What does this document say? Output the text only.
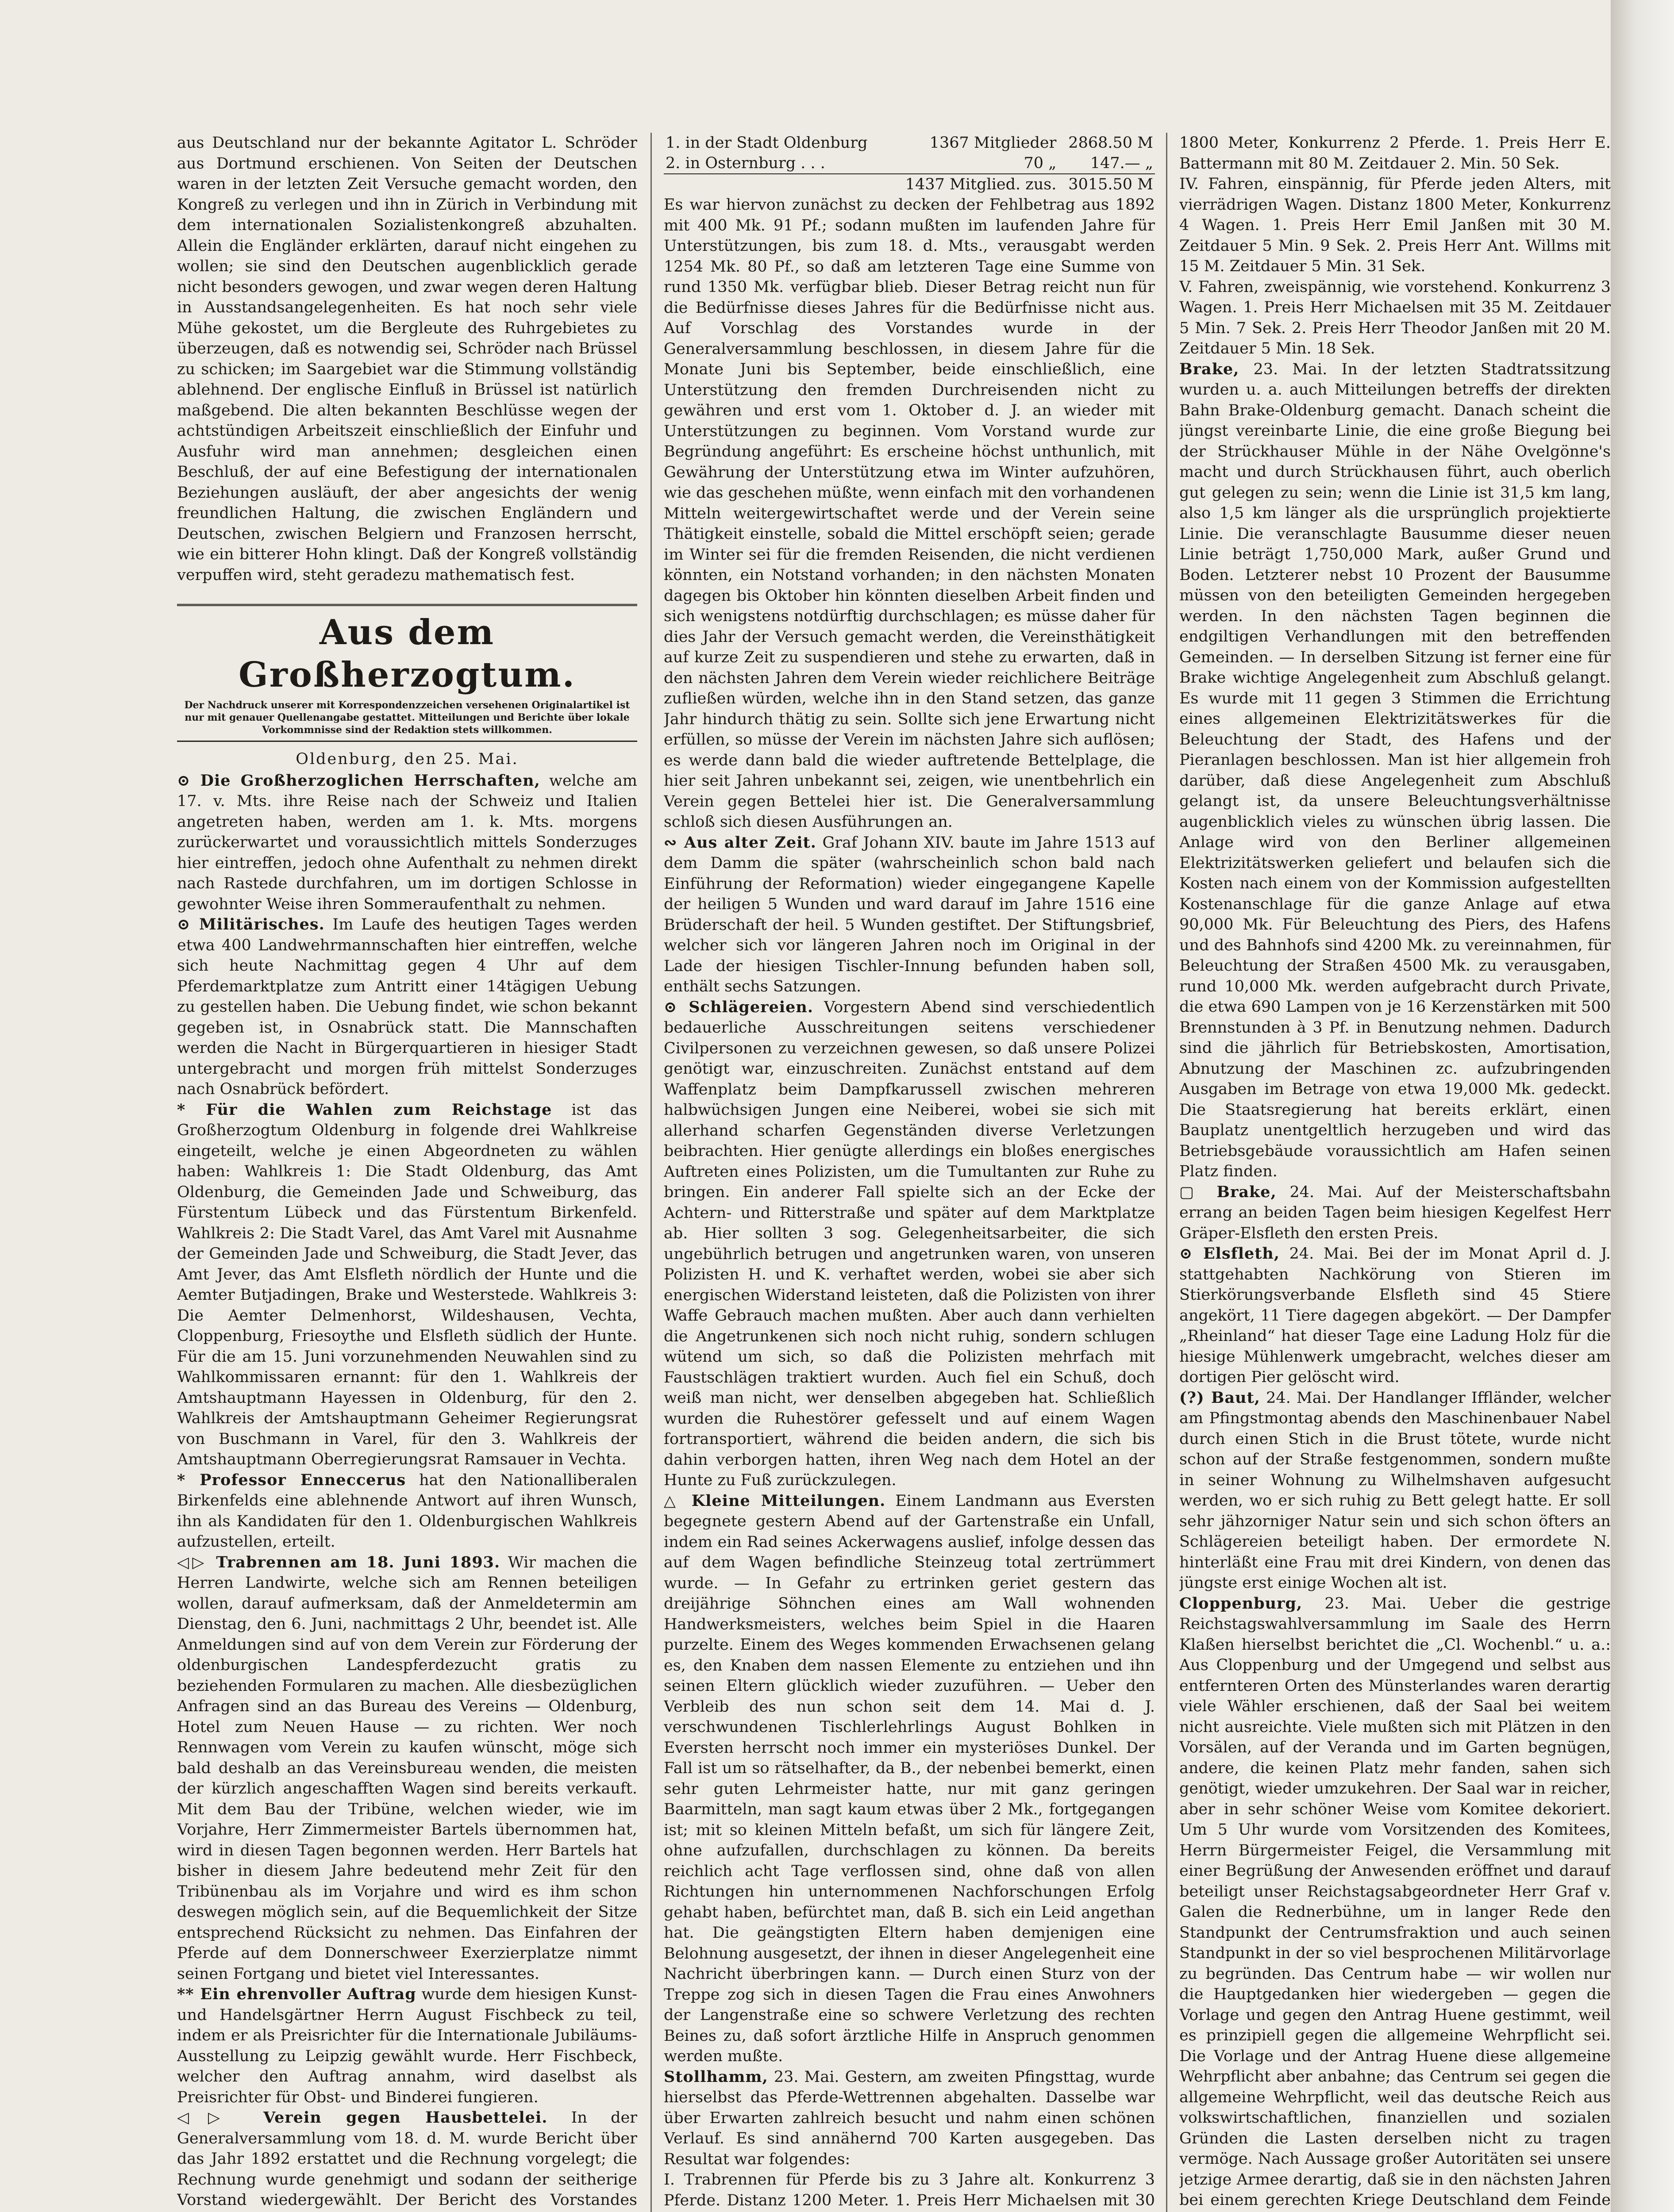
aus Deutschland nur der bekannte Agitator L. Schröder aus Dortmund erschienen. Von Seiten der Deutschen waren in der letzten Zeit Versuche gemacht worden, den Kongreß zu verlegen und ihn in Zürich in Verbindung mit dem internationalen Sozialistenkongreß abzuhalten. Allein die Engländer erklärten, darauf nicht eingehen zu wollen; sie sind den Deutschen augenblicklich gerade nicht besonders gewogen, und zwar wegen deren Haltung in Ausstandsangelegenheiten. Es hat noch sehr viele Mühe gekostet, um die Bergleute des Ruhrgebietes zu überzeugen, daß es notwendig sei, Schröder nach Brüssel zu schicken; im Saargebiet war die Stimmung vollständig ablehnend. Der englische Einfluß in Brüssel ist natürlich maßgebend. Die alten bekannten Beschlüsse wegen der achtstündigen Arbeitszeit einschließlich der Einfuhr und Ausfuhr wird man annehmen; desgleichen einen Beschluß, der auf eine Befestigung der internationalen Beziehungen ausläuft, der aber angesichts der wenig freundlichen Haltung, die zwischen Engländern und Deutschen, zwischen Belgiern und Franzosen herrscht, wie ein bitterer Hohn klingt. Daß der Kongreß vollständig verpuffen wird, steht geradezu mathematisch fest.

Aus dem Großherzogtum.
Der Nachdruck unserer mit Korrespondenzzeichen versehenen Originalartikel ist nur mit genauer Quellenangabe gestattet. Mitteilungen und Berichte über lokale Vorkommnisse sind der Redaktion stets willkommen.
Oldenburg, den 25. Mai.

⊙ Die Großherzoglichen Herrschaften, welche am 17. v. Mts. ihre Reise nach der Schweiz und Italien angetreten haben, werden am 1. k. Mts. morgens zurückerwartet und voraussichtlich mittels Sonderzuges hier eintreffen, jedoch ohne Aufenthalt zu nehmen direkt nach Rastede durchfahren, um im dortigen Schlosse in gewohnter Weise ihren Sommeraufenthalt zu nehmen.

⊙ Militärisches. Im Laufe des heutigen Tages werden etwa 400 Landwehrmannschaften hier eintreffen, welche sich heute Nachmittag gegen 4 Uhr auf dem Pferdemarktplatze zum Antritt einer 14tägigen Uebung zu gestellen haben. Die Uebung findet, wie schon bekannt gegeben ist, in Osnabrück statt. Die Mannschaften werden die Nacht in Bürgerquartieren in hiesiger Stadt untergebracht und morgen früh mittelst Sonderzuges nach Osnabrück befördert.

* Für die Wahlen zum Reichstage ist das Großherzogtum Oldenburg in folgende drei Wahlkreise eingeteilt, welche je einen Abgeordneten zu wählen haben: Wahlkreis 1: Die Stadt Oldenburg, das Amt Oldenburg, die Gemeinden Jade und Schweiburg, das Fürstentum Lübeck und das Fürstentum Birkenfeld. Wahlkreis 2: Die Stadt Varel, das Amt Varel mit Ausnahme der Gemeinden Jade und Schweiburg, die Stadt Jever, das Amt Jever, das Amt Elsfleth nördlich der Hunte und die Aemter Butjadingen, Brake und Westerstede. Wahlkreis 3: Die Aemter Delmenhorst, Wildeshausen, Vechta, Cloppenburg, Friesoythe und Elsfleth südlich der Hunte. Für die am 15. Juni vorzunehmenden Neuwahlen sind zu Wahlkommissaren ernannt: für den 1. Wahlkreis der Amtshauptmann Hayessen in Oldenburg, für den 2. Wahlkreis der Amtshauptmann Geheimer Regierungsrat von Buschmann in Varel, für den 3. Wahlkreis der Amtshauptmann Oberregierungsrat Ramsauer in Vechta.

* Professor Enneccerus hat den Nationalliberalen Birkenfelds eine ablehnende Antwort auf ihren Wunsch, ihn als Kandidaten für den 1. Oldenburgischen Wahlkreis aufzustellen, erteilt.

◁▷ Trabrennen am 18. Juni 1893. Wir machen die Herren Landwirte, welche sich am Rennen beteiligen wollen, darauf aufmerksam, daß der Anmeldetermin am Dienstag, den 6. Juni, nachmittags 2 Uhr, beendet ist. Alle Anmeldungen sind auf von dem Verein zur Förderung der oldenburgischen Landespferdezucht gratis zu beziehenden Formularen zu machen. Alle diesbezüglichen Anfragen sind an das Bureau des Vereins — Oldenburg, Hotel zum Neuen Hause — zu richten. Wer noch Rennwagen vom Verein zu kaufen wünscht, möge sich bald deshalb an das Vereinsbureau wenden, die meisten der kürzlich angeschafften Wagen sind bereits verkauft. Mit dem Bau der Tribüne, welchen wieder, wie im Vorjahre, Herr Zimmermeister Bartels übernommen hat, wird in diesen Tagen begonnen werden. Herr Bartels hat bisher in diesem Jahre bedeutend mehr Zeit für den Tribünenbau als im Vorjahre und wird es ihm schon deswegen möglich sein, auf die Bequemlichkeit der Sitze entsprechend Rücksicht zu nehmen. Das Einfahren der Pferde auf dem Donnerschweer Exerzierplatze nimmt seinen Fortgang und bietet viel Interessantes.

** Ein ehrenvoller Auftrag wurde dem hiesigen Kunst- und Handelsgärtner Herrn August Fischbeck zu teil, indem er als Preisrichter für die Internationale Jubiläums-Ausstellung zu Leipzig gewählt wurde. Herr Fischbeck, welcher den Auftrag annahm, wird daselbst als Preisrichter für Obst- und Binderei fungieren.

◁▷ Verein gegen Hausbettelei. In der Generalversammlung vom 18. d. M. wurde Bericht über das Jahr 1892 erstattet und die Rechnung vorgelegt; die Rechnung wurde genehmigt und sodann der seitherige Vorstand wiedergewählt. Der Bericht des Vorstandes

1. in der Stadt Oldenburg	1367 Mitglieder	2868.50 M
2. in Osternburg . . .	70 „	147.— „
	1437 Mitglied. zus.	3015.50 M

Es war hiervon zunächst zu decken der Fehlbetrag aus 1892 mit 400 Mk. 91 Pf.; sodann mußten im laufenden Jahre für Unterstützungen, bis zum 18. d. Mts., verausgabt werden 1254 Mk. 80 Pf., so daß am letzteren Tage eine Summe von rund 1350 Mk. verfügbar blieb. Dieser Betrag reicht nun für die Bedürfnisse dieses Jahres für die Bedürfnisse nicht aus. Auf Vorschlag des Vorstandes wurde in der Generalversammlung beschlossen, in diesem Jahre für die Monate Juni bis September, beide einschließlich, eine Unterstützung den fremden Durchreisenden nicht zu gewähren und erst vom 1. Oktober d. J. an wieder mit Unterstützungen zu beginnen. Vom Vorstand wurde zur Begründung angeführt: Es erscheine höchst unthunlich, mit Gewährung der Unterstützung etwa im Winter aufzuhören, wie das geschehen müßte, wenn einfach mit den vorhandenen Mitteln weitergewirtschaftet werde und der Verein seine Thätigkeit einstelle, sobald die Mittel erschöpft seien; gerade im Winter sei für die fremden Reisenden, die nicht verdienen könnten, ein Notstand vorhanden; in den nächsten Monaten dagegen bis Oktober hin könnten dieselben Arbeit finden und sich wenigstens notdürftig durchschlagen; es müsse daher für dies Jahr der Versuch gemacht werden, die Vereinsthätigkeit auf kurze Zeit zu suspendieren und stehe zu erwarten, daß in den nächsten Jahren dem Verein wieder reichlichere Beiträge zufließen würden, welche ihn in den Stand setzen, das ganze Jahr hindurch thätig zu sein. Sollte sich jene Erwartung nicht erfüllen, so müsse der Verein im nächsten Jahre sich auflösen; es werde dann bald die wieder auftretende Bettelplage, die hier seit Jahren unbekannt sei, zeigen, wie unentbehrlich ein Verein gegen Bettelei hier ist. Die Generalversammlung schloß sich diesen Ausführungen an.

∾ Aus alter Zeit. Graf Johann XIV. baute im Jahre 1513 auf dem Damm die später (wahrscheinlich schon bald nach Einführung der Reformation) wieder eingegangene Kapelle der heiligen 5 Wunden und ward darauf im Jahre 1516 eine Brüderschaft der heil. 5 Wunden gestiftet. Der Stiftungsbrief, welcher sich vor längeren Jahren noch im Original in der Lade der hiesigen Tischler-Innung befunden haben soll, enthält sechs Satzungen.

⊙ Schlägereien. Vorgestern Abend sind verschiedentlich bedauerliche Ausschreitungen seitens verschiedener Civilpersonen zu verzeichnen gewesen, so daß unsere Polizei genötigt war, einzuschreiten. Zunächst entstand auf dem Waffenplatz beim Dampfkarussell zwischen mehreren halbwüchsigen Jungen eine Neiberei, wobei sie sich mit allerhand scharfen Gegenständen diverse Verletzungen beibrachten. Hier genügte allerdings ein bloßes energisches Auftreten eines Polizisten, um die Tumultanten zur Ruhe zu bringen. Ein anderer Fall spielte sich an der Ecke der Achtern- und Ritterstraße und später auf dem Marktplatze ab. Hier sollten 3 sog. Gelegenheitsarbeiter, die sich ungebührlich betrugen und angetrunken waren, von unseren Polizisten H. und K. verhaftet werden, wobei sie aber sich energischen Widerstand leisteten, daß die Polizisten von ihrer Waffe Gebrauch machen mußten. Aber auch dann verhielten die Angetrunkenen sich noch nicht ruhig, sondern schlugen wütend um sich, so daß die Polizisten mehrfach mit Faustschlägen traktiert wurden. Auch fiel ein Schuß, doch weiß man nicht, wer denselben abgegeben hat. Schließlich wurden die Ruhestörer gefesselt und auf einem Wagen fortransportiert, während die beiden andern, die sich bis dahin verborgen hatten, ihren Weg nach dem Hotel an der Hunte zu Fuß zurückzulegen.

△ Kleine Mitteilungen. Einem Landmann aus Eversten begegnete gestern Abend auf der Gartenstraße ein Unfall, indem ein Rad seines Ackerwagens auslief, infolge dessen das auf dem Wagen befindliche Steinzeug total zertrümmert wurde. — In Gefahr zu ertrinken geriet gestern das dreijährige Söhnchen eines am Wall wohnenden Handwerksmeisters, welches beim Spiel in die Haaren purzelte. Einem des Weges kommenden Erwachsenen gelang es, den Knaben dem nassen Elemente zu entziehen und ihn seinen Eltern glücklich wieder zuzuführen. — Ueber den Verbleib des nun schon seit dem 14. Mai d. J. verschwundenen Tischlerlehrlings August Bohlken in Eversten herrscht noch immer ein mysteriöses Dunkel. Der Fall ist um so rätselhafter, da B., der nebenbei bemerkt, einen sehr guten Lehrmeister hatte, nur mit ganz geringen Baarmitteln, man sagt kaum etwas über 2 Mk., fortgegangen ist; mit so kleinen Mitteln befaßt, um sich für längere Zeit, ohne aufzufallen, durchschlagen zu können. Da bereits reichlich acht Tage verflossen sind, ohne daß von allen Richtungen hin unternommenen Nachforschungen Erfolg gehabt haben, befürchtet man, daß B. sich ein Leid angethan hat. Die geängstigten Eltern haben demjenigen eine Belohnung ausgesetzt, der ihnen in dieser Angelegenheit eine Nachricht überbringen kann. — Durch einen Sturz von der Treppe zog sich in diesen Tagen die Frau eines Anwohners der Langenstraße eine so schwere Verletzung des rechten Beines zu, daß sofort ärztliche Hilfe in Anspruch genommen werden mußte.

Stollhamm, 23. Mai. Gestern, am zweiten Pfingsttag, wurde hierselbst das Pferde-Wettrennen abgehalten. Dasselbe war über Erwarten zahlreich besucht und nahm einen schönen Verlauf. Es sind annähernd 700 Karten ausgegeben. Das Resultat war folgendes:

I. Trabrennen für Pferde bis zu 3 Jahre alt. Konkurrenz 3 Pferde. Distanz 1200 Meter. 1. Preis Herr Michaelsen mit 30

1800 Meter, Konkurrenz 2 Pferde. 1. Preis Herr E. Battermann mit 80 M. Zeitdauer 2. Min. 50 Sek.

IV. Fahren, einspännig, für Pferde jeden Alters, mit vierrädrigen Wagen. Distanz 1800 Meter, Konkurrenz 4 Wagen. 1. Preis Herr Emil Janßen mit 30 M. Zeitdauer 5 Min. 9 Sek. 2. Preis Herr Ant. Willms mit 15 M. Zeitdauer 5 Min. 31 Sek.

V. Fahren, zweispännig, wie vorstehend. Konkurrenz 3 Wagen. 1. Preis Herr Michaelsen mit 35 M. Zeitdauer 5 Min. 7 Sek. 2. Preis Herr Theodor Janßen mit 20 M. Zeitdauer 5 Min. 18 Sek.

Brake, 23. Mai. In der letzten Stadtratssitzung wurden u. a. auch Mitteilungen betreffs der direkten Bahn Brake-Oldenburg gemacht. Danach scheint die jüngst vereinbarte Linie, die eine große Biegung bei der Strückhauser Mühle in der Nähe Ovelgönne's macht und durch Strückhausen führt, auch oberlich gut gelegen zu sein; wenn die Linie ist 31,5 km lang, also 1,5 km länger als die ursprünglich projektierte Linie. Die veranschlagte Bausumme dieser neuen Linie beträgt 1,750,000 Mark, außer Grund und Boden. Letzterer nebst 10 Prozent der Bausumme müssen von den beteiligten Gemeinden hergegeben werden. In den nächsten Tagen beginnen die endgiltigen Verhandlungen mit den betreffenden Gemeinden. — In derselben Sitzung ist ferner eine für Brake wichtige Angelegenheit zum Abschluß gelangt. Es wurde mit 11 gegen 3 Stimmen die Errichtung eines allgemeinen Elektrizitätswerkes für die Beleuchtung der Stadt, des Hafens und der Pieranlagen beschlossen. Man ist hier allgemein froh darüber, daß diese Angelegenheit zum Abschluß gelangt ist, da unsere Beleuchtungsverhältnisse augenblicklich vieles zu wünschen übrig lassen. Die Anlage wird von den Berliner allgemeinen Elektrizitätswerken geliefert und belaufen sich die Kosten nach einem von der Kommission aufgestellten Kostenanschlage für die ganze Anlage auf etwa 90,000 Mk. Für Beleuchtung des Piers, des Hafens und des Bahnhofs sind 4200 Mk. zu vereinnahmen, für Beleuchtung der Straßen 4500 Mk. zu verausgaben, rund 10,000 Mk. werden aufgebracht durch Private, die etwa 690 Lampen von je 16 Kerzenstärken mit 500 Brennstunden à 3 Pf. in Benutzung nehmen. Dadurch sind die jährlich für Betriebskosten, Amortisation, Abnutzung der Maschinen zc. aufzubringenden Ausgaben im Betrage von etwa 19,000 Mk. gedeckt. Die Staatsregierung hat bereits erklärt, einen Bauplatz unentgeltlich herzugeben und wird das Betriebsgebäude voraussichtlich am Hafen seinen Platz finden.

▢ Brake, 24. Mai. Auf der Meisterschaftsbahn errang an beiden Tagen beim hiesigen Kegelfest Herr Gräper-Elsfleth den ersten Preis.

⊙ Elsfleth, 24. Mai. Bei der im Monat April d. J. stattgehabten Nachkörung von Stieren im Stierkörungsverbande Elsfleth sind 45 Stiere angekört, 11 Tiere dagegen abgekört. — Der Dampfer „Rheinland“ hat dieser Tage eine Ladung Holz für die hiesige Mühlenwerk umgebracht, welches dieser am dortigen Pier gelöscht wird.

(?) Baut, 24. Mai. Der Handlanger Iffländer, welcher am Pfingstmontag abends den Maschinenbauer Nabel durch einen Stich in die Brust tötete, wurde nicht schon auf der Straße festgenommen, sondern mußte in seiner Wohnung zu Wilhelmshaven aufgesucht werden, wo er sich ruhig zu Bett gelegt hatte. Er soll sehr jähzorniger Natur sein und sich schon öfters an Schlägereien beteiligt haben. Der ermordete N. hinterläßt eine Frau mit drei Kindern, von denen das jüngste erst einige Wochen alt ist.

Cloppenburg, 23. Mai. Ueber die gestrige Reichstagswahlversammlung im Saale des Herrn Klaßen hierselbst berichtet die „Cl. Wochenbl.“ u. a.: Aus Cloppenburg und der Umgegend und selbst aus entfernteren Orten des Münsterlandes waren derartig viele Wähler erschienen, daß der Saal bei weitem nicht ausreichte. Viele mußten sich mit Plätzen in den Vorsälen, auf der Veranda und im Garten begnügen, andere, die keinen Platz mehr fanden, sahen sich genötigt, wieder umzukehren. Der Saal war in reicher, aber in sehr schöner Weise vom Komitee dekoriert. Um 5 Uhr wurde vom Vorsitzenden des Komitees, Herrn Bürgermeister Feigel, die Versammlung mit einer Begrüßung der Anwesenden eröffnet und darauf beteiligt unser Reichstagsabgeordneter Herr Graf v. Galen die Rednerbühne, um in langer Rede den Standpunkt der Centrumsfraktion und auch seinen Standpunkt in der so viel besprochenen Militärvorlage zu begründen. Das Centrum habe — wir wollen nur die Hauptgedanken hier wiedergeben — gegen die Vorlage und gegen den Antrag Huene gestimmt, weil es prinzipiell gegen die allgemeine Wehrpflicht sei. Die Vorlage und der Antrag Huene diese allgemeine Wehrpflicht aber anbahne; das Centrum sei gegen die allgemeine Wehrpflicht, weil das deutsche Reich aus volkswirtschaftlichen, finanziellen und sozialen Gründen die Lasten derselben nicht zu tragen vermöge. Nach Aussage großer Autoritäten sei unsere jetzige Armee derartig, daß sie in den nächsten Jahren bei einem gerechten Kriege Deutschland dem Feinde
